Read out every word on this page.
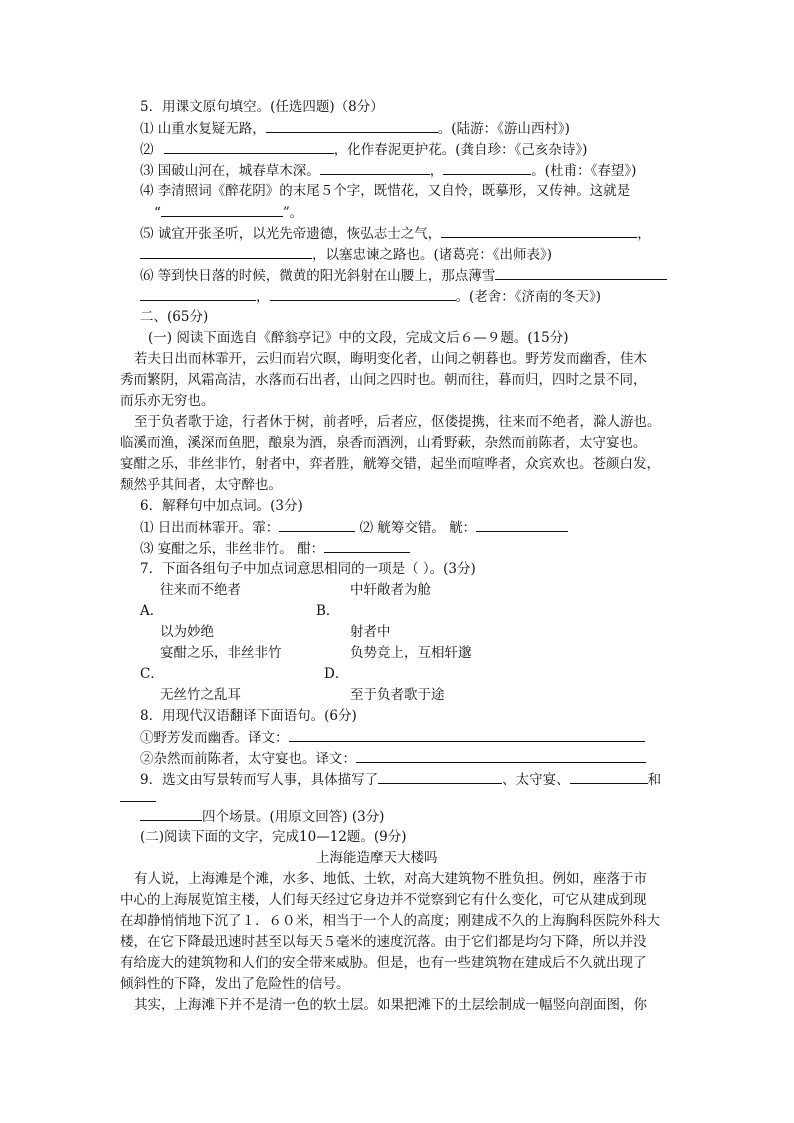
5．用课文原句填空。(任选四题)（8分）
⑴ 山重水复疑无路，	。(陆游：《游山西村》)
⑵	，化作春泥更护花。(龚自珍：《己亥杂诗》)
⑶ 国破山河在，城春草木深。	，	。(杜甫：《春望》)
⑷ 李清照词《醉花阴》的末尾５个字，既惜花，又自怜，既摹形，又传神。这就是
“	”。
⑸ 诚宜开张圣听，以光先帝遗德，恢弘志士之气，	，
，以塞忠谏之路也。(诸葛亮：《出师表》)
⑹ 等到快日落的时候，微黄的阳光斜射在山腰上，那点薄雪
，	。(老舍：《济南的冬天》)
二、(65分)
(一) 阅读下面选自《醉翁亭记》中的文段，完成文后６—９题。(15分)
若夫日出而林霏开，云归而岩穴暝，晦明变化者，山间之朝暮也。野芳发而幽香，佳木
秀而繁阴，风霜高洁，水落而石出者，山间之四时也。朝而往，暮而归，四时之景不同，
而乐亦无穷也。
至于负者歌于途，行者休于树，前者呼，后者应，伛偻提携，往来而不绝者，滁人游也。
临溪而渔，溪深而鱼肥，酿泉为酒，泉香而酒洌，山肴野蔌，杂然而前陈者，太守宴也。
宴酣之乐，非丝非竹，射者中，弈者胜，觥筹交错，起坐而喧哗者，众宾欢也。苍颜白发，
颓然乎其间者，太守醉也。
6．解释句中加点词。(3分)
⑴ 日出而林霏开。霏：	⑵ 觥筹交错。 觥：
⑶ 宴酣之乐，非丝非竹。 酣：
7．下面各组句子中加点词意思相同的一项是（ ）。(3分)
往来而不绝者	中轩敞者为舱
A．	B．
以为妙绝	射者中
宴酣之乐，非丝非竹	负势竞上，互相轩邈
C．	D．
无丝竹之乱耳	至于负者歌于途
8．用现代汉语翻译下面语句。(6分)
①野芳发而幽香。译文：
②杂然而前陈者，太守宴也。译文：
9．选文由写景转而写人事，具体描写了	、太守宴、	和
四个场景。(用原文回答) (3分)
(二)阅读下面的文字，完成10—12题。(9分)
上海能造摩天大楼吗
有人说，上海滩是个滩，水多、地低、土软，对高大建筑物不胜负担。例如，座落于市
中心的上海展览馆主楼，人们每天经过它身边并不觉察到它有什么变化，可它从建成到现
在却静悄悄地下沉了１．６０米，相当于一个人的高度；刚建成不久的上海胸科医院外科大
楼，在它下降最迅速时甚至以每天５毫米的速度沉落。由于它们都是均匀下降，所以并没
有给庞大的建筑物和人们的安全带来威胁。但是，也有一些建筑物在建成后不久就出现了
倾斜性的下降，发出了危险性的信号。
其实，上海滩下并不是清一色的软土层。如果把滩下的土层绘制成一幅竖向剖面图，你
